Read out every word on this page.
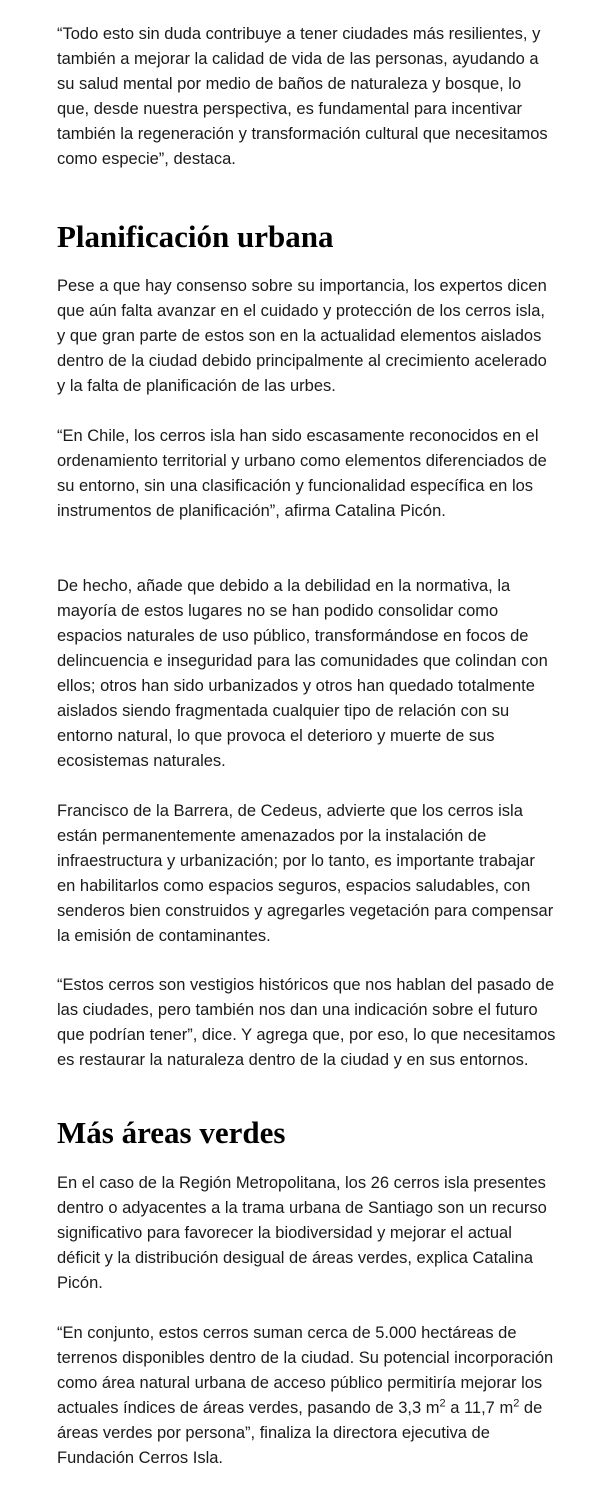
“Todo esto sin duda contribuye a tener ciudades más resilientes, y también a mejorar la calidad de vida de las personas, ayudando a su salud mental por medio de baños de naturaleza y bosque, lo que, desde nuestra perspectiva, es fundamental para incentivar también la regeneración y transformación cultural que necesitamos como especie”, destaca.

Planificación urbana

Pese a que hay consenso sobre su importancia, los expertos dicen que aún falta avanzar en el cuidado y protección de los cerros isla, y que gran parte de estos son en la actualidad elementos aislados dentro de la ciudad debido principalmente al crecimiento acelerado y la falta de planificación de las urbes.

“En Chile, los cerros isla han sido escasamente reconocidos en el ordenamiento territorial y urbano como elementos diferenciados de su entorno, sin una clasificación y funcionalidad específica en los instrumentos de planificación”, afirma Catalina Picón.

De hecho, añade que debido a la debilidad en la normativa, la mayoría de estos lugares no se han podido consolidar como espacios naturales de uso público, transformándose en focos de delincuencia e inseguridad para las comunidades que colindan con ellos; otros han sido urbanizados y otros han quedado totalmente aislados siendo fragmentada cualquier tipo de relación con su entorno natural, lo que provoca el deterioro y muerte de sus ecosistemas naturales.

Francisco de la Barrera, de Cedeus, advierte que los cerros isla están permanentemente amenazados por la instalación de infraestructura y urbanización; por lo tanto, es importante trabajar en habilitarlos como espacios seguros, espacios saludables, con senderos bien construidos y agregarles vegetación para compensar la emisión de contaminantes.

“Estos cerros son vestigios históricos que nos hablan del pasado de las ciudades, pero también nos dan una indicación sobre el futuro que podrían tener”, dice. Y agrega que, por eso, lo que necesitamos es restaurar la naturaleza dentro de la ciudad y en sus entornos.

Más áreas verdes

En el caso de la Región Metropolitana, los 26 cerros isla presentes dentro o adyacentes a la trama urbana de Santiago son un recurso significativo para favorecer la biodiversidad y mejorar el actual déficit y la distribución desigual de áreas verdes, explica Catalina Picón.

“En conjunto, estos cerros suman cerca de 5.000 hectáreas de terrenos disponibles dentro de la ciudad. Su potencial incorporación como área natural urbana de acceso público permitiría mejorar los actuales índices de áreas verdes, pasando de 3,3 $m^2$ a 11,7 $m^2$ de áreas verdes por persona”, finaliza la directora ejecutiva de Fundación Cerros Isla.
